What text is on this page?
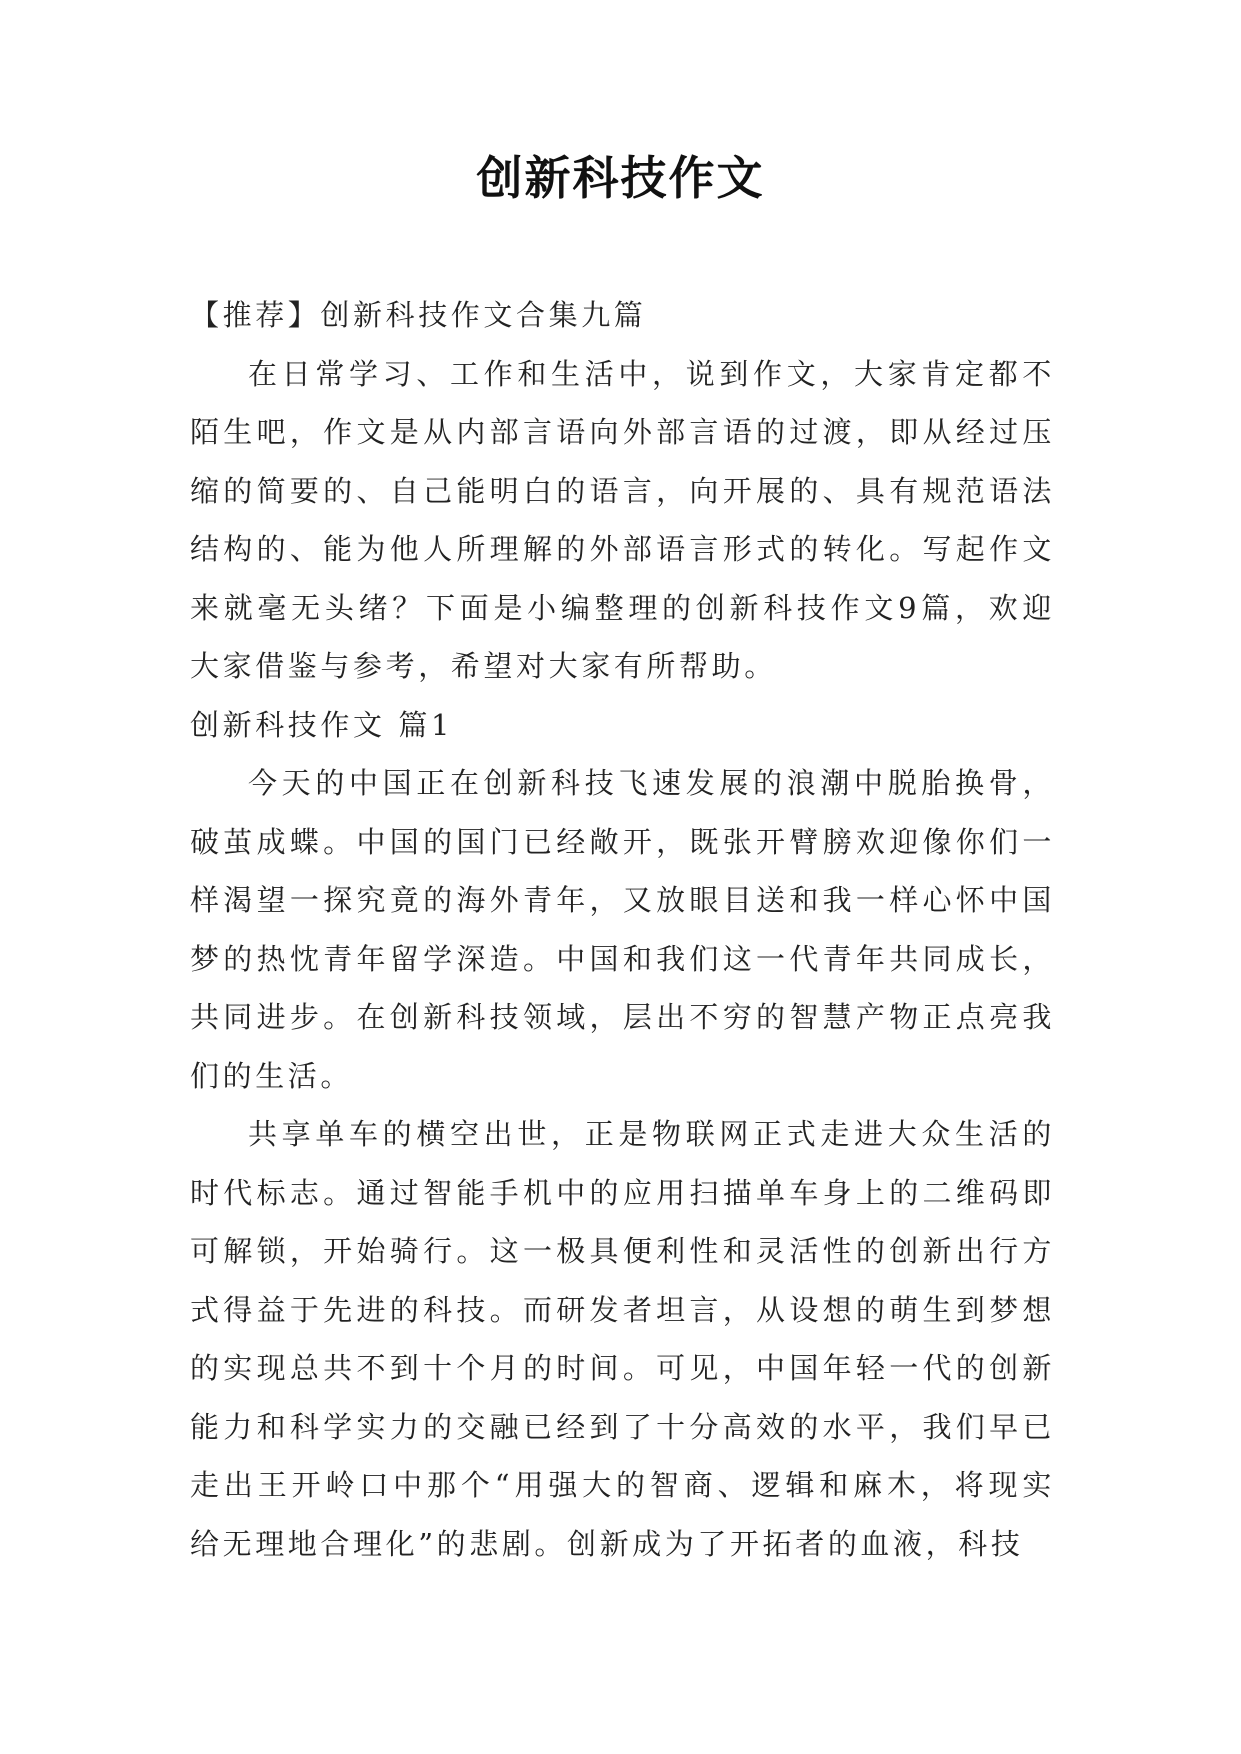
创新科技作文

【推荐】创新科技作文合集九篇

在日常学习、工作和生活中，说到作文，大家肯定都不陌生吧，作文是从内部言语向外部言语的过渡，即从经过压缩的简要的、自己能明白的语言，向开展的、具有规范语法结构的、能为他人所理解的外部语言形式的转化。写起作文来就毫无头绪？下面是小编整理的创新科技作文9篇，欢迎大家借鉴与参考，希望对大家有所帮助。

创新科技作文 篇1

今天的中国正在创新科技飞速发展的浪潮中脱胎换骨，破茧成蝶。中国的国门已经敞开，既张开臂膀欢迎像你们一样渴望一探究竟的海外青年，又放眼目送和我一样心怀中国梦的热忱青年留学深造。中国和我们这一代青年共同成长，共同进步。在创新科技领域，层出不穷的智慧产物正点亮我们的生活。

共享单车的横空出世，正是物联网正式走进大众生活的时代标志。通过智能手机中的应用扫描单车身上的二维码即可解锁，开始骑行。这一极具便利性和灵活性的创新出行方式得益于先进的科技。而研发者坦言，从设想的萌生到梦想的实现总共不到十个月的时间。可见，中国年轻一代的创新能力和科学实力的交融已经到了十分高效的水平，我们早已走出王开岭口中那个“用强大的智商、逻辑和麻木，将现实给无理地合理化”的悲剧。创新成为了开拓者的血液，科技
